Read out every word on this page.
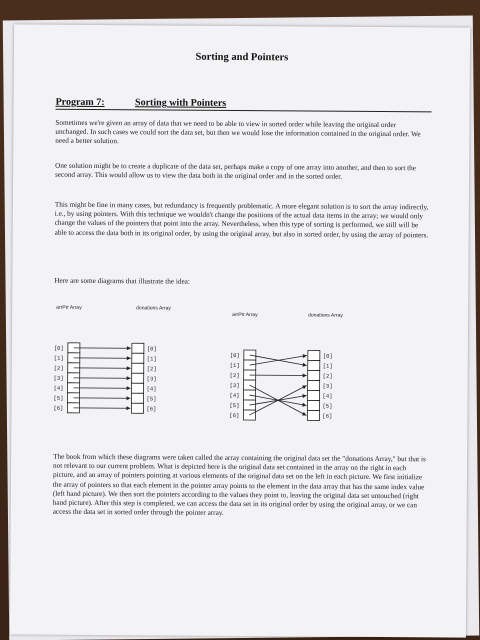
Sorting and Pointers
Program 7:	Sorting with Pointers
Sometimes we're given an array of data that we need to be able to view in sorted order while leaving the original order unchanged. In such cases we could sort the data set, but then we would lose the information contained in the original order. We need a better solution.
One solution might be to create a duplicate of the data set, perhaps make a copy of one array into another, and then to sort the second array. This would allow us to view the data both in the original order and in the sorted order.
This might be fine in many cases, but redundancy is frequently problematic. A more elegant solution is to sort the array indirectly, i.e., by using pointers. With this technique we wouldn't change the positions of the actual data items in the array; we would only change the values of the pointers that point into the array. Nevertheless, when this type of sorting is performed, we still will be able to access the data both in its original order, by using the original array, but also in sorted order, by using the array of pointers.
Here are some diagrams that illustrate the idea:
arrPtr Array	donations Array
[0]	[0]
[1]	[1]
[2]	[2]
[3]	[3]
[4]	[4]
[5]	[5]
[6]	[6]
arrPtr Array	donations Array
[0]	[0]
[1]	[1]
[2]	[2]
[3]	[3]
[4]	[4]
[5]	[5]
[6]	[6]
The book from which these diagrams were taken called the array containing the original data set the "donations Array," but that is not relevant to our current problem. What is depicted here is the original data set contained in the array on the right in each picture, and an array of pointers pointing at various elements of the original data set on the left in each picture. We first initialize the array of pointers so that each element in the pointer array points to the element in the data array that has the same index value (left hand picture). We then sort the pointers according to the values they point to, leaving the original data set untouched (right hand picture). After this step is completed, we can access the data set in its original order by using the original array, or we can access the data set in sorted order through the pointer array.
